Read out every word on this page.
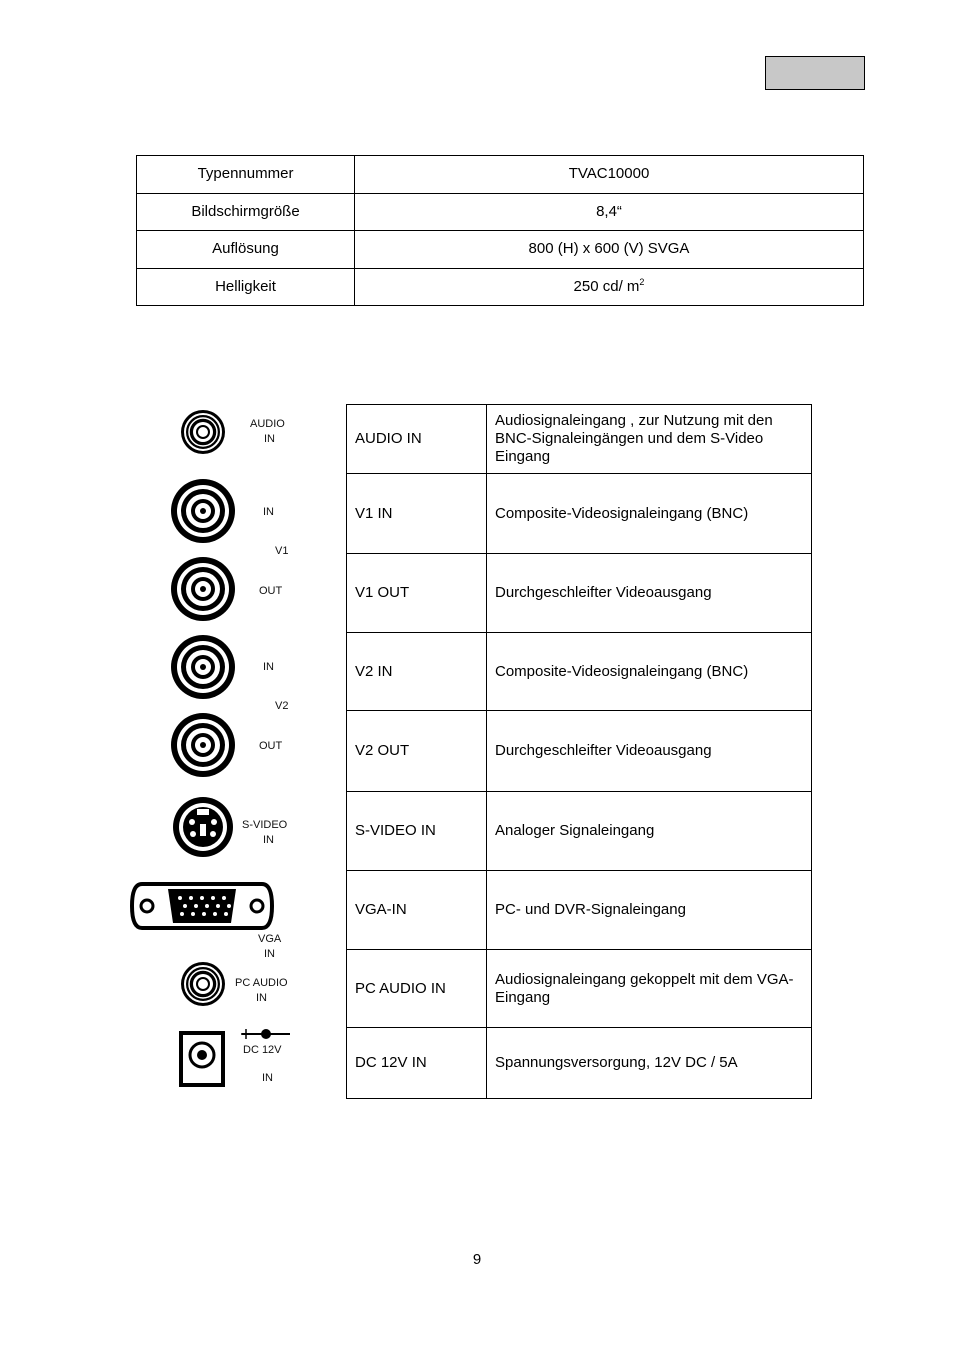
Typennummer	TVAC10000
Bildschirmgröße	8,4“
Auflösung	800 (H) x 600 (V) SVGA
Helligkeit	250 cd/ $m^2$
AUDIO
IN
IN
V1
OUT
IN
V2
OUT
S-VIDEO
IN
VGA
IN
PC AUDIO
IN
DC 12V
IN
AUDIO IN	Audiosignaleingang , zur Nutzung mit den BNC-Signaleingängen und dem S-Video Eingang
V1 IN	Composite-Videosignaleingang (BNC)
V1 OUT	Durchgeschleifter Videoausgang
V2 IN	Composite-Videosignaleingang (BNC)
V2 OUT	Durchgeschleifter Videoausgang
S-VIDEO IN	Analoger Signaleingang
VGA-IN	PC- und DVR-Signaleingang
PC AUDIO IN	Audiosignaleingang gekoppelt mit dem VGA-Eingang
DC 12V IN	Spannungsversorgung, 12V DC / 5A
9
